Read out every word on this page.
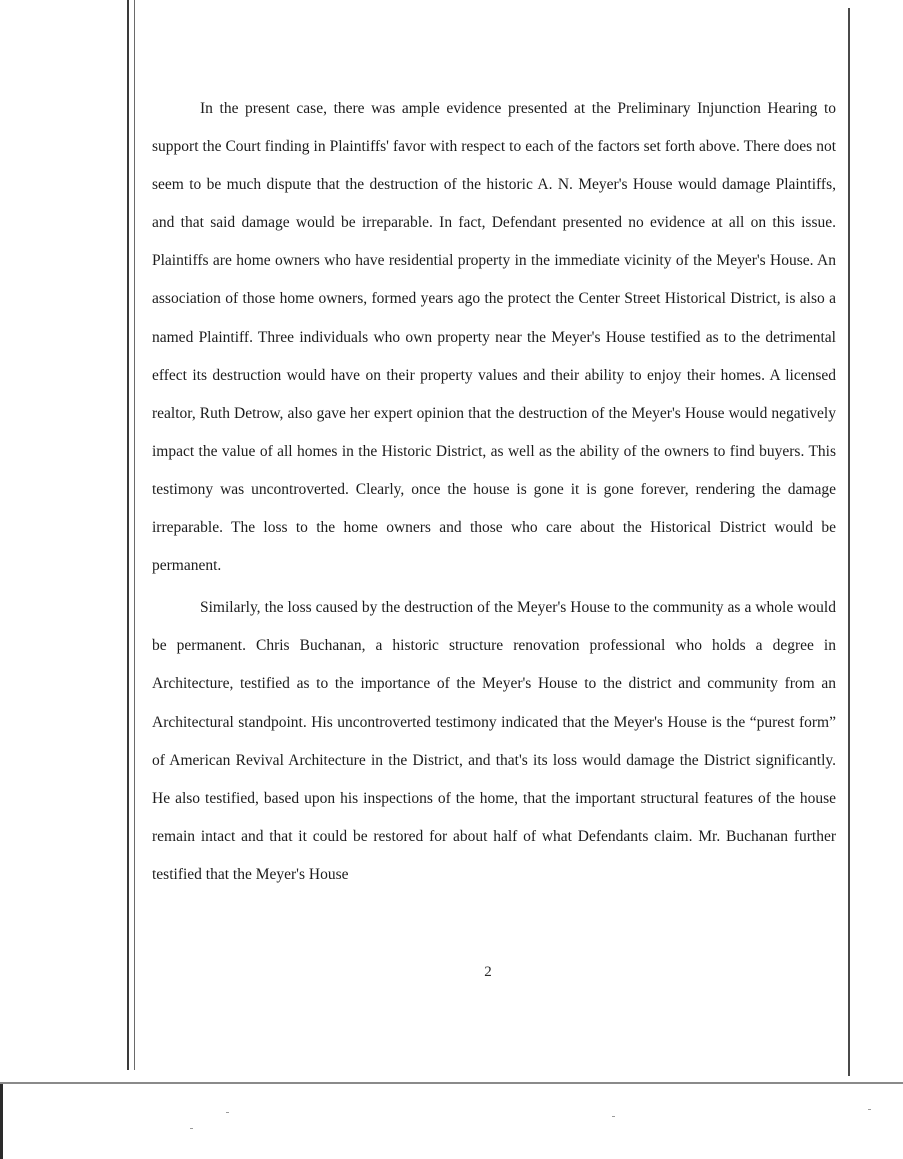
In the present case, there was ample evidence presented at the Preliminary Injunction Hearing to support the Court finding in Plaintiffs' favor with respect to each of the factors set forth above. There does not seem to be much dispute that the destruction of the historic A. N. Meyer's House would damage Plaintiffs, and that said damage would be irreparable. In fact, Defendant presented no evidence at all on this issue. Plaintiffs are home owners who have residential property in the immediate vicinity of the Meyer's House. An association of those home owners, formed years ago the protect the Center Street Historical District, is also a named Plaintiff. Three individuals who own property near the Meyer's House testified as to the detrimental effect its destruction would have on their property values and their ability to enjoy their homes. A licensed realtor, Ruth Detrow, also gave her expert opinion that the destruction of the Meyer's House would negatively impact the value of all homes in the Historic District, as well as the ability of the owners to find buyers. This testimony was uncontroverted. Clearly, once the house is gone it is gone forever, rendering the damage irreparable. The loss to the home owners and those who care about the Historical District would be permanent.

Similarly, the loss caused by the destruction of the Meyer's House to the community as a whole would be permanent. Chris Buchanan, a historic structure renovation professional who holds a degree in Architecture, testified as to the importance of the Meyer's House to the district and community from an Architectural standpoint. His uncontroverted testimony indicated that the Meyer's House is the “purest form” of American Revival Architecture in the District, and that's its loss would damage the District significantly. He also testified, based upon his inspections of the home, that the important structural features of the house remain intact and that it could be restored for about half of what Defendants claim. Mr. Buchanan further testified that the Meyer's House

2
